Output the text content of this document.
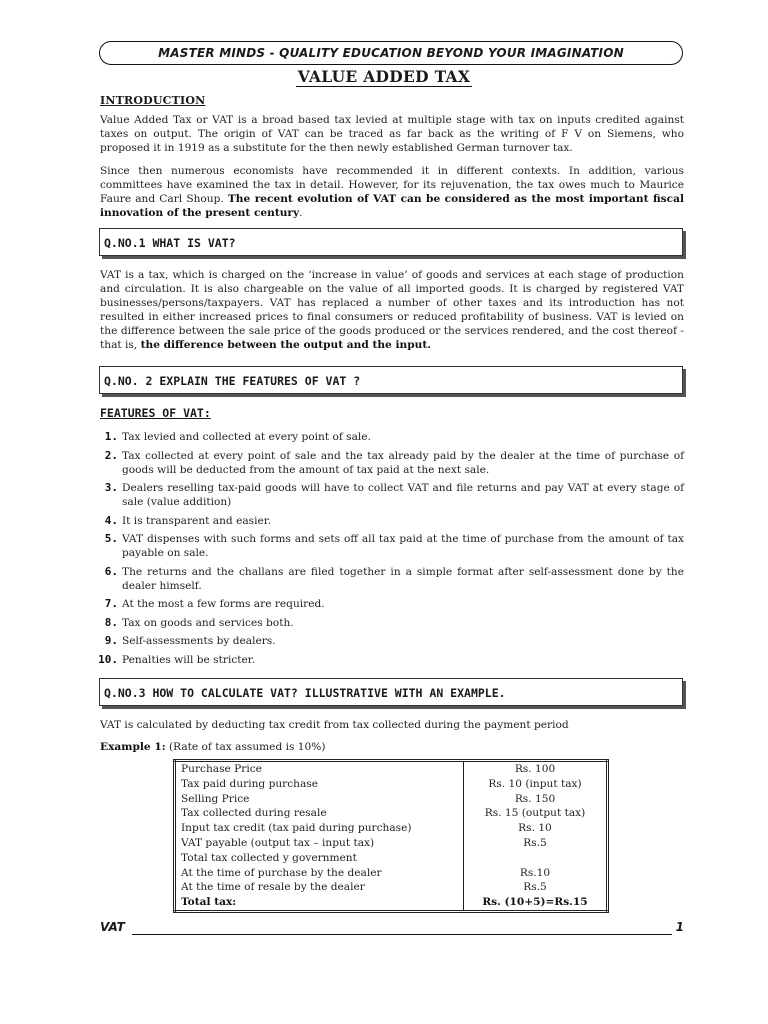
MASTER MINDS - QUALITY EDUCATION BEYOND YOUR IMAGINATION
VALUE ADDED TAX
INTRODUCTION
Value Added Tax or VAT is a broad based tax levied at multiple stage with tax on inputs credited against taxes on output. The origin of VAT can be traced as far back as the writing of F V on Siemens, who proposed it in 1919 as a substitute for the then newly established German turnover tax.
Since then numerous economists have recommended it in different contexts. In addition, various committees have examined the tax in detail. However, for its rejuvenation, the tax owes much to Maurice Faure and Carl Shoup. The recent evolution of VAT can be considered as the most important fiscal innovation of the present century.
Q.NO.1 WHAT IS VAT?
VAT is a tax, which is charged on the ‘increase in value’ of goods and services at each stage of production and circulation. It is also chargeable on the value of all imported goods. It is charged by registered VAT businesses/persons/taxpayers. VAT has replaced a number of other taxes and its introduction has not resulted in either increased prices to final consumers or reduced profitability of business. VAT is levied on the difference between the sale price of the goods produced or the services rendered, and the cost thereof -that is, the difference between the output and the input.
Q.NO. 2 EXPLAIN THE FEATURES OF VAT ?
FEATURES OF VAT:
1. Tax levied and collected at every point of sale.
2. Tax collected at every point of sale and the tax already paid by the dealer at the time of purchase of goods will be deducted from the amount of tax paid at the next sale.
3. Dealers reselling tax-paid goods will have to collect VAT and file returns and pay VAT at every stage of sale (value addition)
4. It is transparent and easier.
5. VAT dispenses with such forms and sets off all tax paid at the time of purchase from the amount of tax payable on sale.
6. The returns and the challans are filed together in a simple format after self-assessment done by the dealer himself.
7. At the most a few forms are required.
8. Tax on goods and services both.
9. Self-assessments by dealers.
10. Penalties will be stricter.
Q.NO.3 HOW TO CALCULATE VAT? ILLUSTRATIVE WITH AN EXAMPLE.
VAT is calculated by deducting tax credit from tax collected during the payment period
Example 1: (Rate of tax assumed is 10%)
Purchase Price	Rs. 100
Tax paid during purchase	Rs. 10 (input tax)
Selling Price	Rs. 150
Tax collected during resale	Rs. 15 (output tax)
Input tax credit (tax paid during purchase)	Rs. 10
VAT payable (output tax – input tax)	Rs.5
Total tax collected y government	
At the time of purchase by the dealer	Rs.10
At the time of resale by the dealer	Rs.5
Total tax:	Rs. (10+5)=Rs.15
VAT	1
